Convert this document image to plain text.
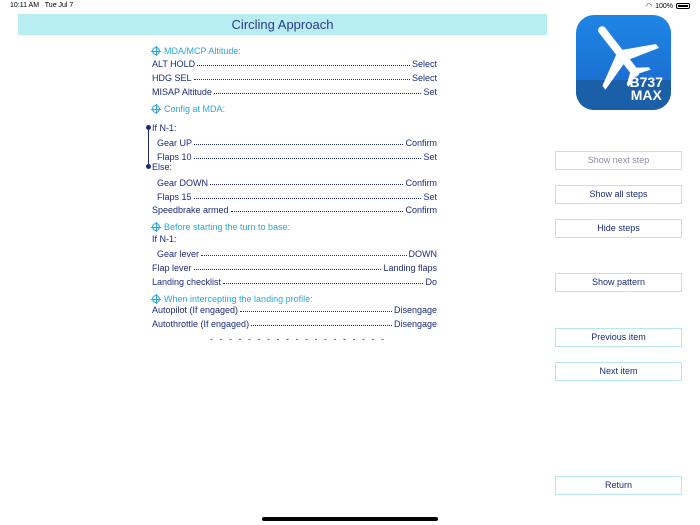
10:11 AM Tue Jul 7	◠ 100%
Circling Approach
MDA/MCP Altitude:
ALT HOLD	Select
HDG SEL	Select
MISAP Altitude	Set
Config at MDA:
If N-1:
Gear UP	Confirm
Flaps 10	Set
Else:
Gear DOWN	Confirm
Flaps 15	Set
Speedbrake armed	Confirm
Before starting the turn to base:
If N-1:
Gear lever	DOWN
Flap lever	Landing flaps
Landing checklist	Do
When intercepting the landing profile:
Autopilot (If engaged)	Disengage
Autothrottle (If engaged)	Disengage
- - - - - - - - - - - - - - - - - - -
B737
MAX
Show next step
Show all steps
Hide steps
Show pattern
Previous item
Next item
Return
